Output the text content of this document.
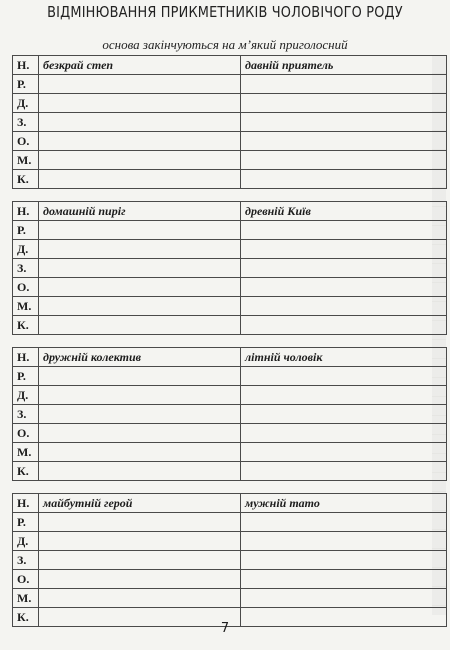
ВІДМІНЮВАННЯ ПРИКМЕТНИКІВ ЧОЛОВІЧОГО РОДУ
основа закінчуються на м’який приголосний
Н.	безкрай степ	давній приятель
Р.		
Д.		
З.		
О.		
М.		
К.		
Н.	домашній пиріг	древній Київ
Р.		
Д.		
З.		
О.		
М.		
К.		
Н.	дружній колектив	літній чоловік
Р.		
Д.		
З.		
О.		
М.		
К.		
Н.	майбутній герой	мужній тато
Р.		
Д.		
З.		
О.		
М.		
К.		
7
